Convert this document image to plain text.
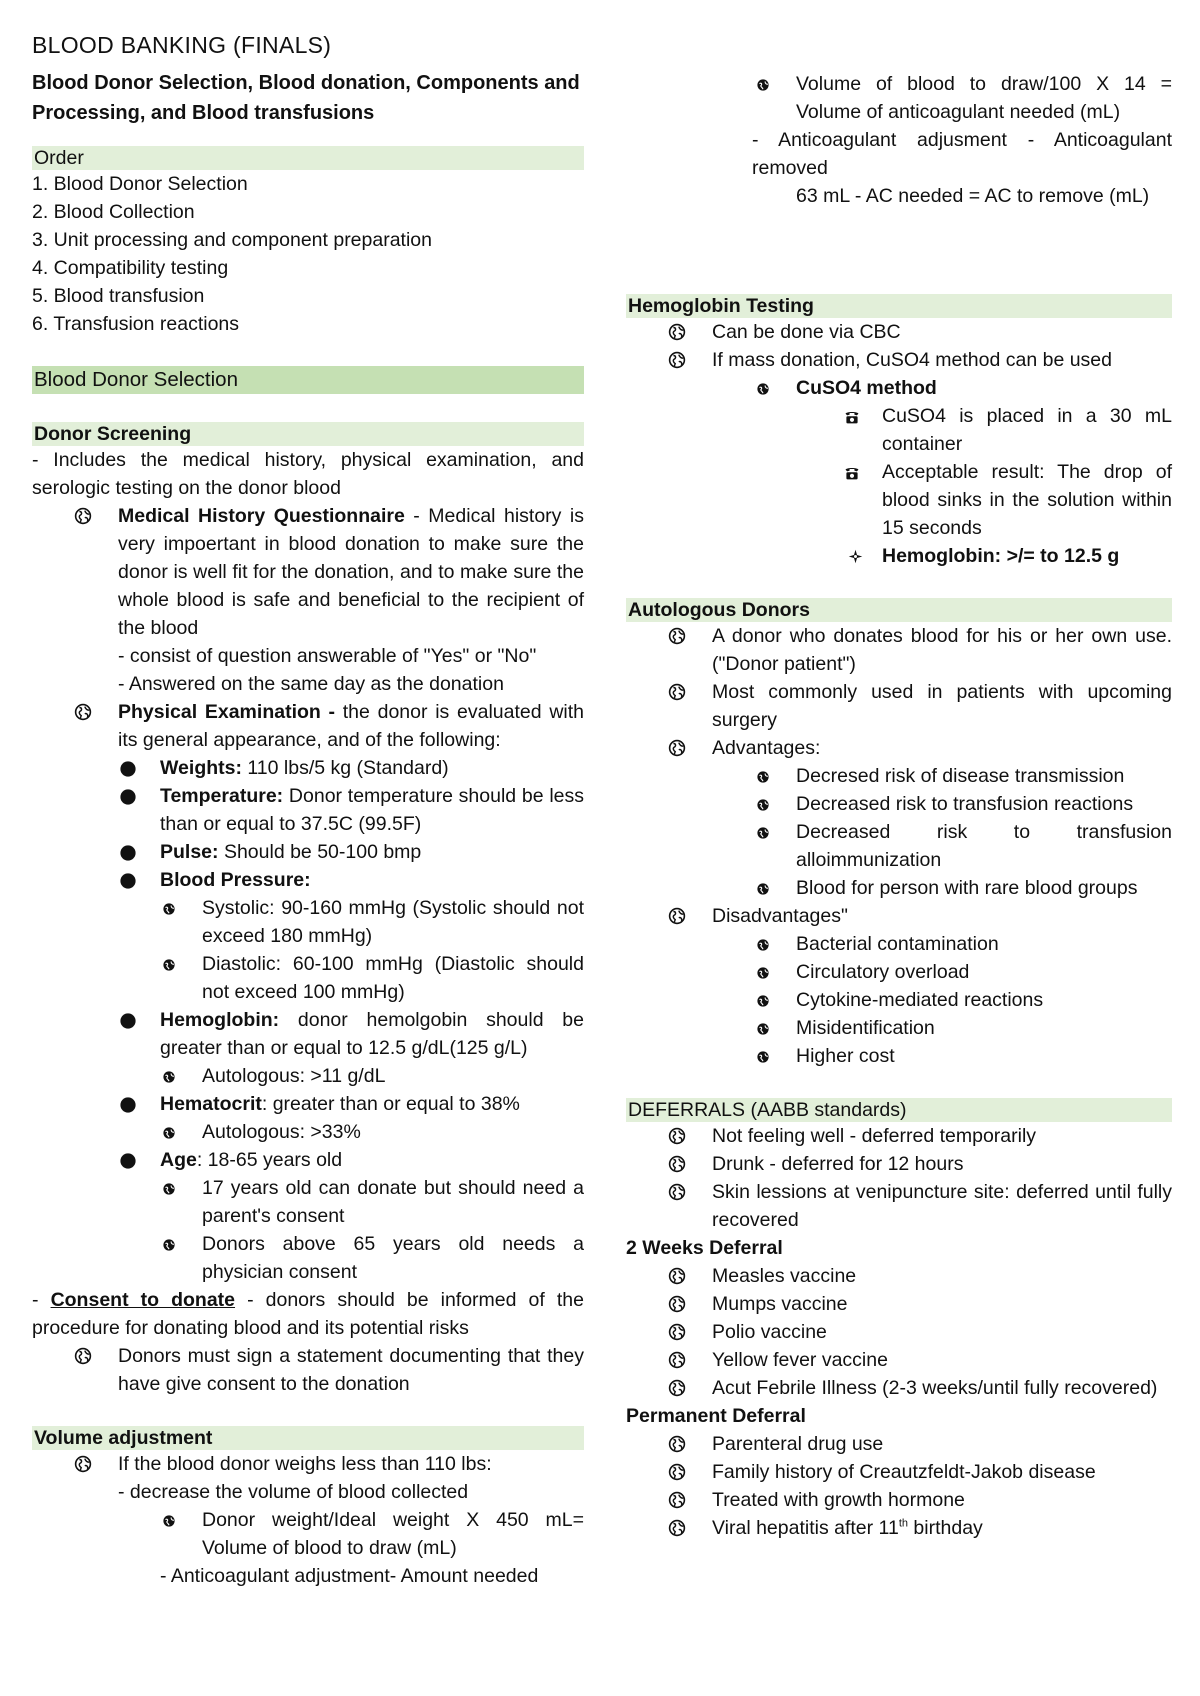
BLOOD BANKING (FINALS)

Blood Donor Selection, Blood donation, Components and Processing, and Blood transfusions

Order

1. Blood Donor Selection
2. Blood Collection
3. Unit processing and component preparation
4. Compatibility testing
5. Blood transfusion
6. Transfusion reactions

Blood Donor Selection

Donor Screening

- Includes the medical history, physical examination, and serologic testing on the donor blood

Medical History Questionnaire - Medical history is very impoertant in blood donation to make sure the donor is well fit for the donation, and to make sure the whole blood is safe and beneficial to the recipient of the blood
- consist of question answerable of "Yes" or "No"
- Answered on the same day as the donation
Physical Examination - the donor is evaluated with its general appearance, and of the following:
Weights: 110 lbs/5 kg (Standard)
Temperature: Donor temperature should be less than or equal to 37.5C (99.5F)
Pulse: Should be 50-100 bmp
Blood Pressure:
Systolic: 90-160 mmHg (Systolic should not exceed 180 mmHg)
Diastolic: 60-100 mmHg (Diastolic should not exceed 100 mmHg)
Hemoglobin: donor hemolgobin should be greater than or equal to 12.5 g/dL(125 g/L)
Autologous: >11 g/dL
Hematocrit: greater than or equal to 38%
Autologous: >33%
Age: 18-65 years old
17 years old can donate but should need a parent's consent
Donors above 65 years old needs a physician consent

- Consent to donate - donors should be informed of the procedure for donating blood and its potential risks

Donors must sign a statement documenting that they have give consent to the donation

Volume adjustment

If the blood donor weighs less than 110 lbs:
- decrease the volume of blood collected
Donor weight/Ideal weight X 450 mL= Volume of blood to draw (mL)

- Anticoagulant adjustment- Amount needed

Volume of blood to draw/100 X 14 = Volume of anticoagulant needed (mL)

- Anticoagulant adjusment - Anticoagulant removed

63 mL - AC needed = AC to remove (mL)

Hemoglobin Testing

Can be done via CBC
If mass donation, CuSO4 method can be used
CuSO4 method
CuSO4 is placed in a 30 mL container
Acceptable result: The drop of blood sinks in the solution within 15 seconds
Hemoglobin: >/= to 12.5 g

Autologous Donors

A donor who donates blood for his or her own use. ("Donor patient")
Most commonly used in patients with upcoming surgery
Advantages:
Decresed risk of disease transmission
Decreased risk to transfusion reactions
Decreased risk to transfusion alloimmunization
Blood for person with rare blood groups
Disadvantages"
Bacterial contamination
Circulatory overload
Cytokine-mediated reactions
Misidentification
Higher cost

DEFERRALS (AABB standards)

Not feeling well - deferred temporarily
Drunk - deferred for 12 hours
Skin lessions at venipuncture site: deferred until fully recovered

2 Weeks Deferral

Measles vaccine
Mumps vaccine
Polio vaccine
Yellow fever vaccine
Acut Febrile Illness (2-3 weeks/until fully recovered)

Permanent Deferral

Parenteral drug use
Family history of Creautzfeldt-Jakob disease
Treated with growth hormone
Viral hepatitis after 11th birthday
